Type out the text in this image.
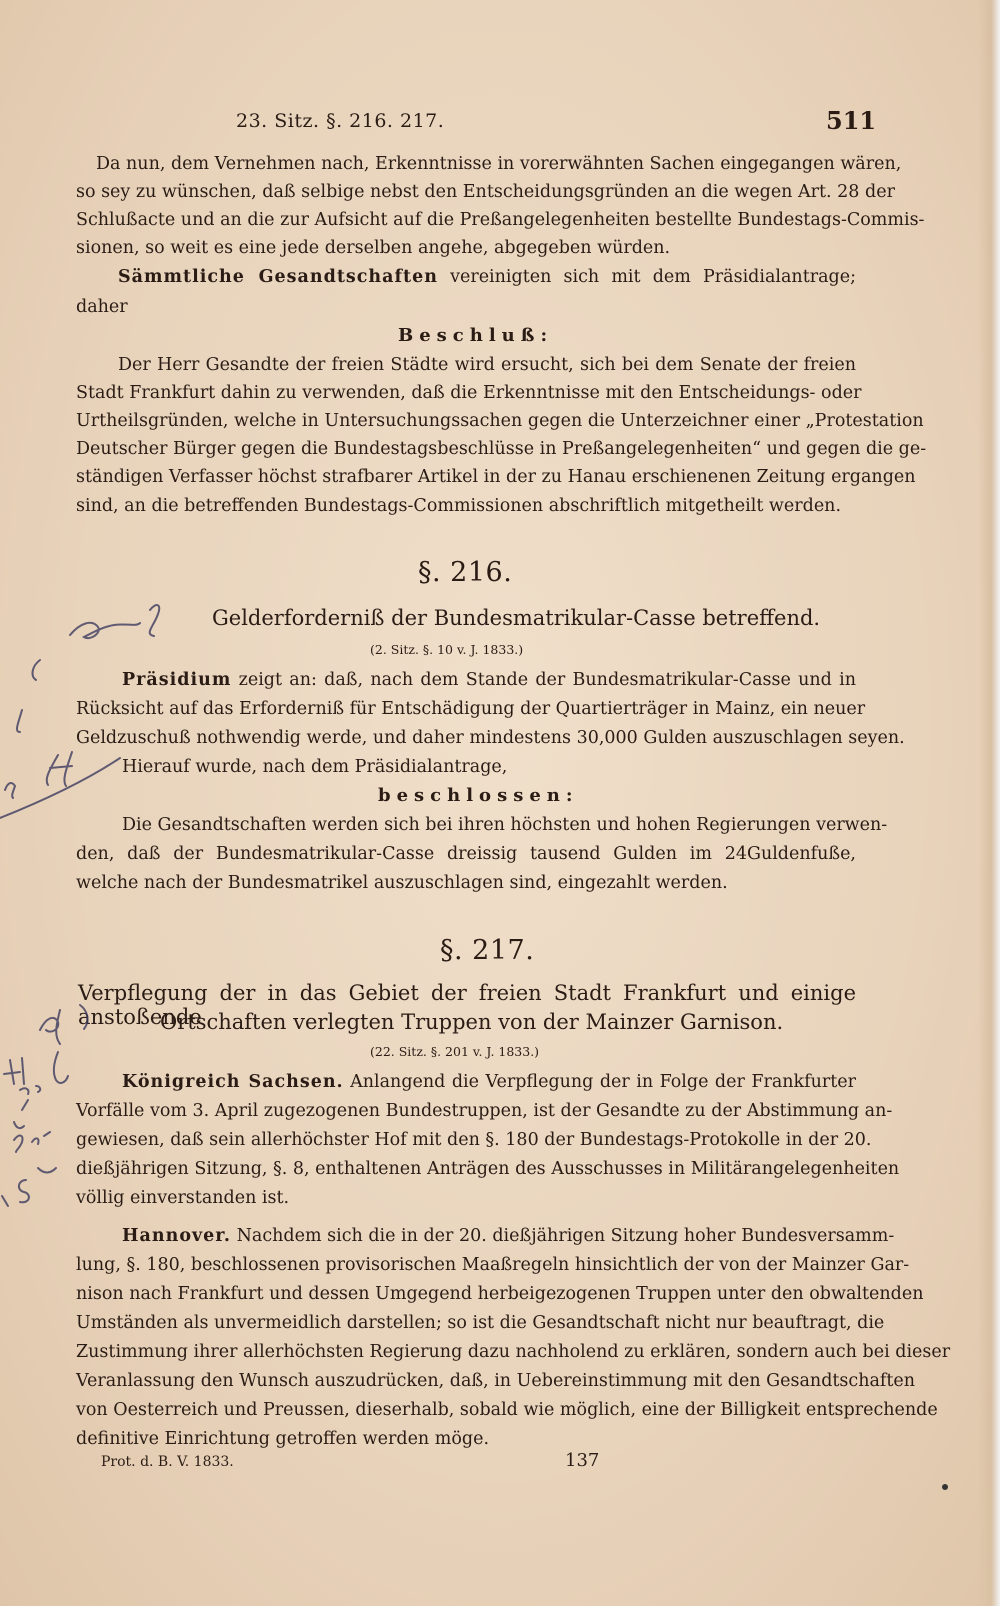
23. Sitz. §. 216. 217.	511
Da nun, dem Vernehmen nach, Erkenntnisse in vorerwähnten Sachen eingegangen wären,
so sey zu wünschen, daß selbige nebst den Entscheidungsgründen an die wegen Art. 28 der
Schlußacte und an die zur Aufsicht auf die Preßangelegenheiten bestellte Bundestags-Commis-
sionen, so weit es eine jede derselben angehe, abgegeben würden.
Sämmtliche Gesandtschaften vereinigten sich mit dem Präsidialantrage;
daher
Beschluß:
Der Herr Gesandte der freien Städte wird ersucht, sich bei dem Senate der freien
Stadt Frankfurt dahin zu verwenden, daß die Erkenntnisse mit den Entscheidungs- oder
Urtheilsgründen, welche in Untersuchungssachen gegen die Unterzeichner einer „Protestation
Deutscher Bürger gegen die Bundestagsbeschlüsse in Preßangelegenheiten“ und gegen die ge-
ständigen Verfasser höchst strafbarer Artikel in der zu Hanau erschienenen Zeitung ergangen
sind, an die betreffenden Bundestags-Commissionen abschriftlich mitgetheilt werden.
§. 216.
Gelderforderniß der Bundesmatrikular-Casse betreffend.
(2. Sitz. §. 10 v. J. 1833.)
Präsidium zeigt an: daß, nach dem Stande der Bundesmatrikular-Casse und in
Rücksicht auf das Erforderniß für Entschädigung der Quartierträger in Mainz, ein neuer
Geldzuschuß nothwendig werde, und daher mindestens 30,000 Gulden auszuschlagen seyen.
Hierauf wurde, nach dem Präsidialantrage,
beschlossen:
Die Gesandtschaften werden sich bei ihren höchsten und hohen Regierungen verwen-
den, daß der Bundesmatrikular-Casse dreissig tausend Gulden im 24Guldenfuße,
welche nach der Bundesmatrikel auszuschlagen sind, eingezahlt werden.
§. 217.
Verpflegung der in das Gebiet der freien Stadt Frankfurt und einige anstoßende
Ortschaften verlegten Truppen von der Mainzer Garnison.
(22. Sitz. §. 201 v. J. 1833.)
Königreich Sachsen. Anlangend die Verpflegung der in Folge der Frankfurter
Vorfälle vom 3. April zugezogenen Bundestruppen, ist der Gesandte zu der Abstimmung an-
gewiesen, daß sein allerhöchster Hof mit den §. 180 der Bundestags-Protokolle in der 20.
dießjährigen Sitzung, §. 8, enthaltenen Anträgen des Ausschusses in Militärangelegenheiten
völlig einverstanden ist.
Hannover. Nachdem sich die in der 20. dießjährigen Sitzung hoher Bundesversamm-
lung, §. 180, beschlossenen provisorischen Maaßregeln hinsichtlich der von der Mainzer Gar-
nison nach Frankfurt und dessen Umgegend herbeigezogenen Truppen unter den obwaltenden
Umständen als unvermeidlich darstellen; so ist die Gesandtschaft nicht nur beauftragt, die
Zustimmung ihrer allerhöchsten Regierung dazu nachholend zu erklären, sondern auch bei dieser
Veranlassung den Wunsch auszudrücken, daß, in Uebereinstimmung mit den Gesandtschaften
von Oesterreich und Preussen, dieserhalb, sobald wie möglich, eine der Billigkeit entsprechende
definitive Einrichtung getroffen werden möge.
Prot. d. B. V. 1833.	137
